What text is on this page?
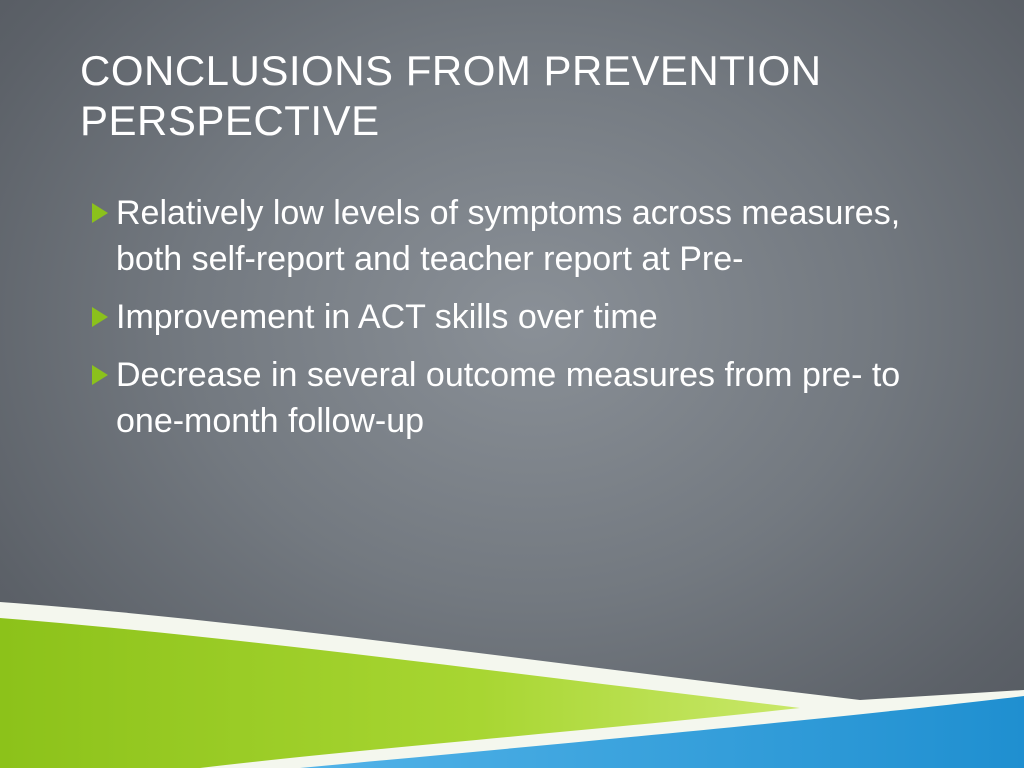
CONCLUSIONS FROM PREVENTION PERSPECTIVE
Relatively low levels of symptoms across measures, both self-report and teacher report at Pre-
Improvement in ACT skills over time
Decrease in several outcome measures from pre- to one-month follow-up
